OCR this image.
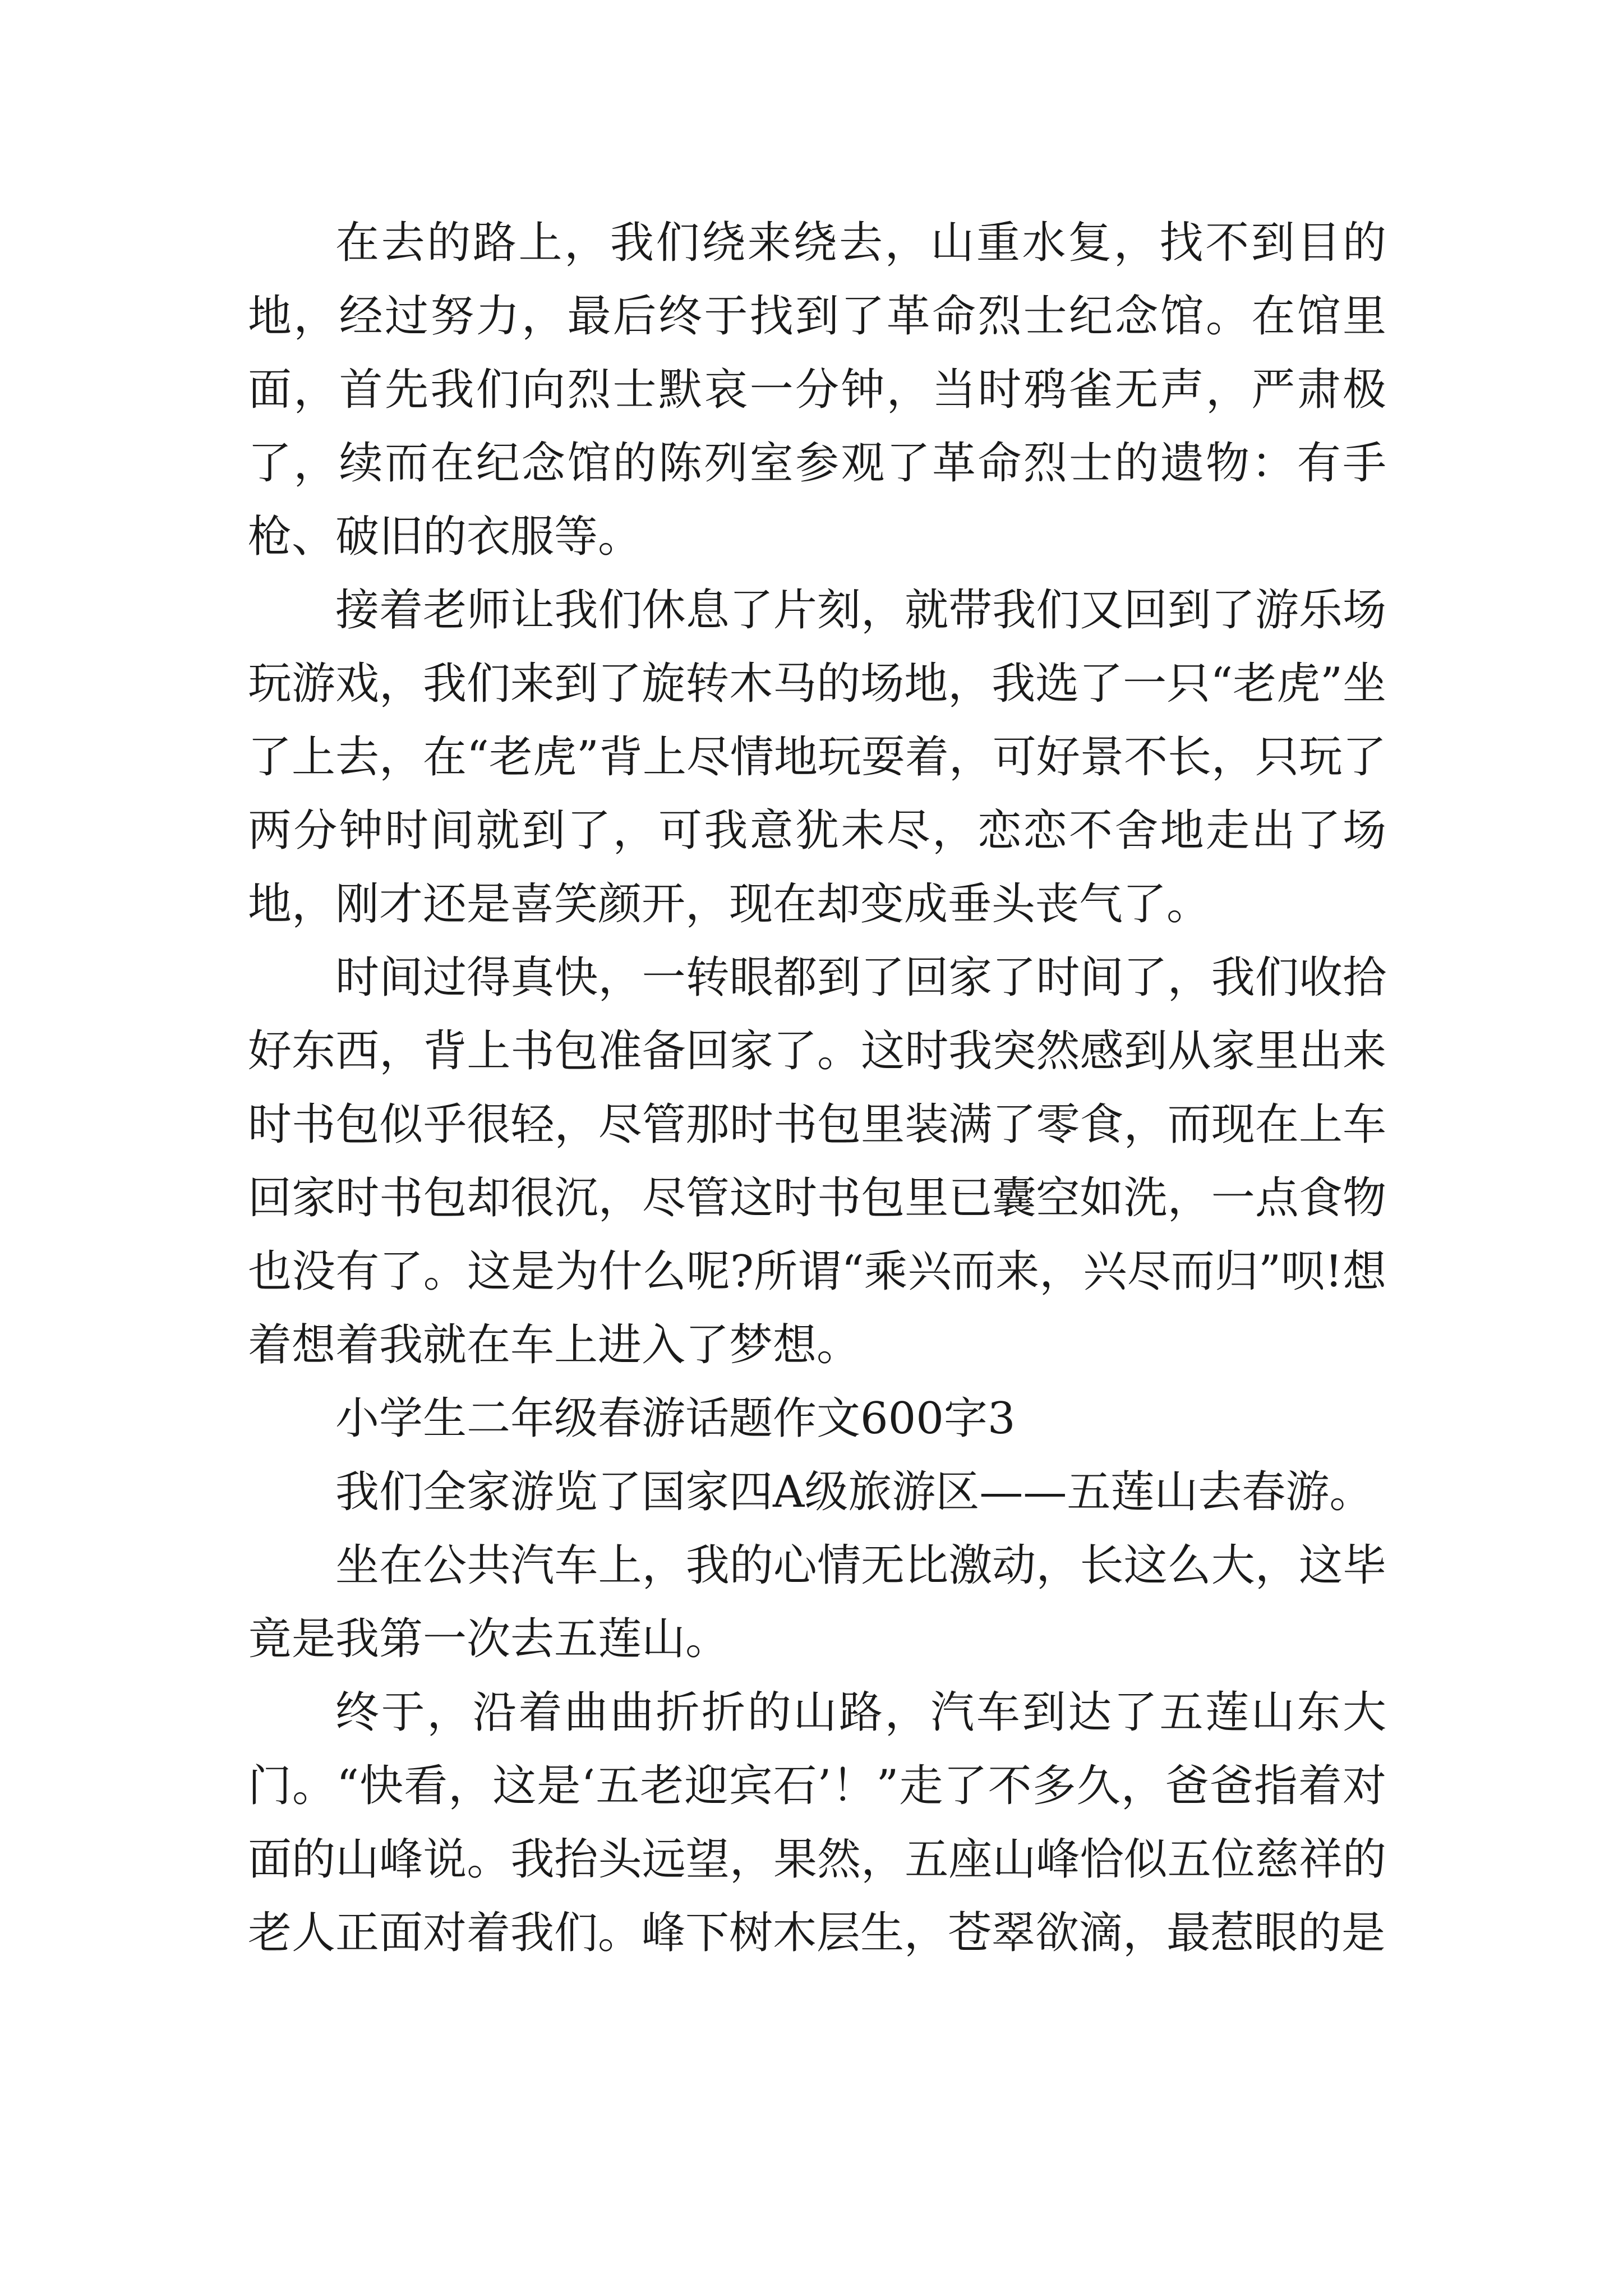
在去的路上，我们绕来绕去，山重水复，找不到目的地，经过努力，最后终于找到了革命烈士纪念馆。在馆里面，首先我们向烈士默哀一分钟，当时鸦雀无声，严肃极了，续而在纪念馆的陈列室参观了革命烈士的遗物：有手枪、破旧的衣服等。

接着老师让我们休息了片刻，就带我们又回到了游乐场玩游戏，我们来到了旋转木马的场地，我选了一只“老虎”坐了上去，在“老虎”背上尽情地玩耍着，可好景不长，只玩了两分钟时间就到了，可我意犹未尽，恋恋不舍地走出了场地，刚才还是喜笑颜开，现在却变成垂头丧气了。

时间过得真快，一转眼都到了回家了时间了，我们收拾好东西，背上书包准备回家了。这时我突然感到从家里出来时书包似乎很轻，尽管那时书包里装满了零食，而现在上车回家时书包却很沉，尽管这时书包里已囊空如洗，一点食物也没有了。这是为什么呢?所谓“乘兴而来，兴尽而归”呗!想着想着我就在车上进入了梦想。

小学生二年级春游话题作文600字3

我们全家游览了国家四A级旅游区——五莲山去春游。

坐在公共汽车上，我的心情无比激动，长这么大，这毕竟是我第一次去五莲山。

终于，沿着曲曲折折的山路，汽车到达了五莲山东大门。“快看，这是‘五老迎宾石’！”走了不多久，爸爸指着对面的山峰说。我抬头远望，果然，五座山峰恰似五位慈祥的老人正面对着我们。峰下树木层生，苍翠欲滴，最惹眼的是
